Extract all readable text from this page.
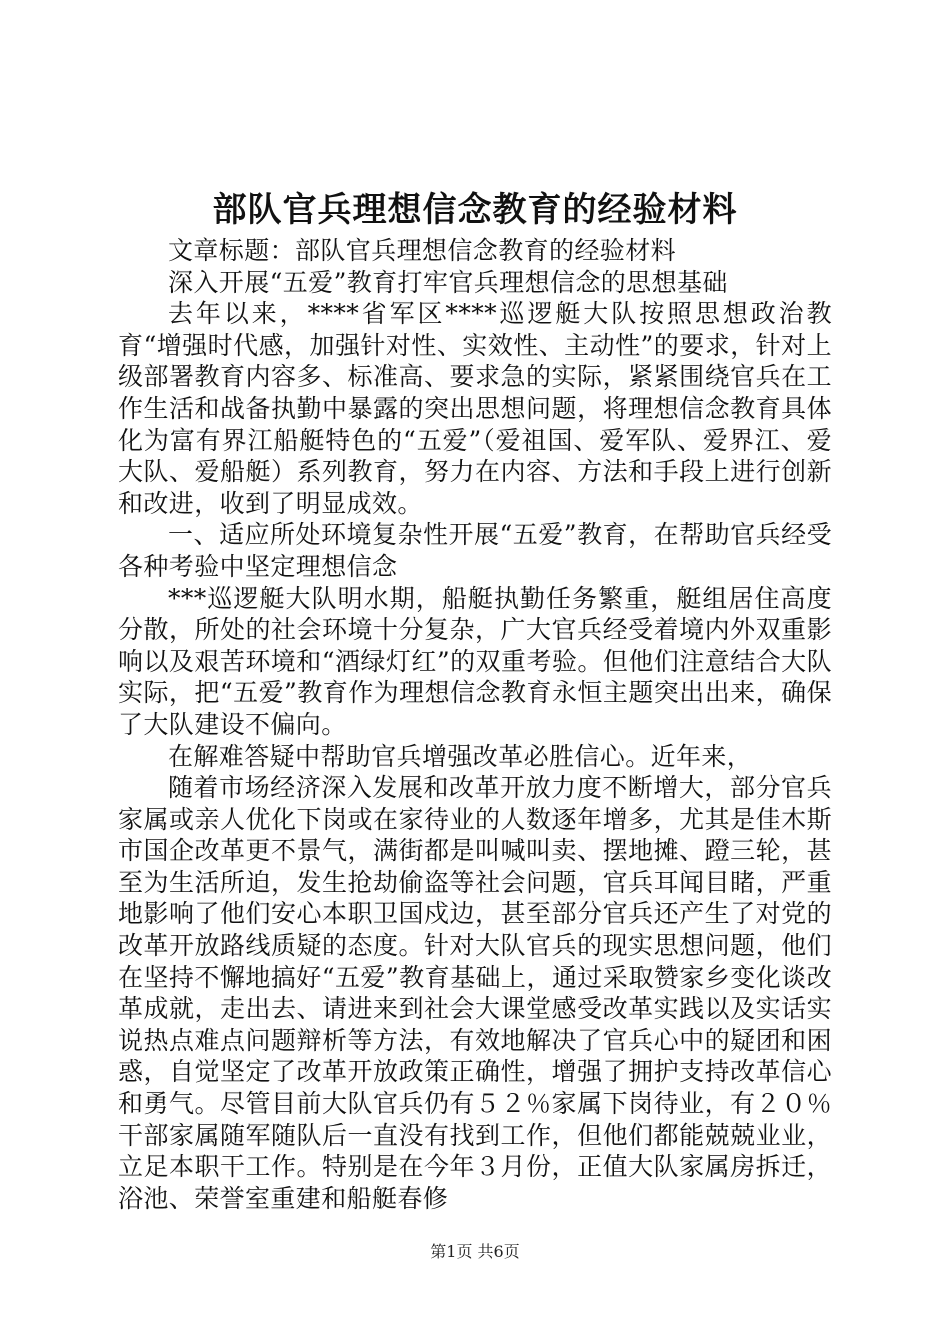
部队官兵理想信念教育的经验材料

文章标题：部队官兵理想信念教育的经验材料

深入开展“五爱”教育打牢官兵理想信念的思想基础

去年以来，****省军区****巡逻艇大队按照思想政治教育“增强时代感，加强针对性、实效性、主动性”的要求，针对上级部署教育内容多、标准高、要求急的实际，紧紧围绕官兵在工作生活和战备执勤中暴露的突出思想问题，将理想信念教育具体化为富有界江船艇特色的“五爱”（爱祖国、爱军队、爱界江、爱大队、爱船艇）系列教育，努力在内容、方法和手段上进行创新和改进，收到了明显成效。

一、适应所处环境复杂性开展“五爱”教育，在帮助官兵经受各种考验中坚定理想信念

***巡逻艇大队明水期，船艇执勤任务繁重，艇组居住高度分散，所处的社会环境十分复杂，广大官兵经受着境内外双重影响以及艰苦环境和“酒绿灯红”的双重考验。但他们注意结合大队实际，把“五爱”教育作为理想信念教育永恒主题突出出来，确保了大队建设不偏向。

在解难答疑中帮助官兵增强改革必胜信心。近年来，

随着市场经济深入发展和改革开放力度不断增大，部分官兵家属或亲人优化下岗或在家待业的人数逐年增多，尤其是佳木斯市国企改革更不景气，满街都是叫喊叫卖、摆地摊、蹬三轮，甚至为生活所迫，发生抢劫偷盗等社会问题，官兵耳闻目睹，严重地影响了他们安心本职卫国戍边，甚至部分官兵还产生了对党的改革开放路线质疑的态度。针对大队官兵的现实思想问题，他们在坚持不懈地搞好“五爱”教育基础上，通过采取赞家乡变化谈改革成就，走出去、请进来到社会大课堂感受改革实践以及实话实说热点难点问题辩析等方法，有效地解决了官兵心中的疑团和困惑，自觉坚定了改革开放政策正确性，增强了拥护支持改革信心和勇气。尽管目前大队官兵仍有５２％家属下岗待业，有２０％干部家属随军随队后一直没有找到工作，但他们都能兢兢业业，立足本职干工作。特别是在今年３月份，正值大队家属房拆迁，浴池、荣誉室重建和船艇春修

第1页 共6页
